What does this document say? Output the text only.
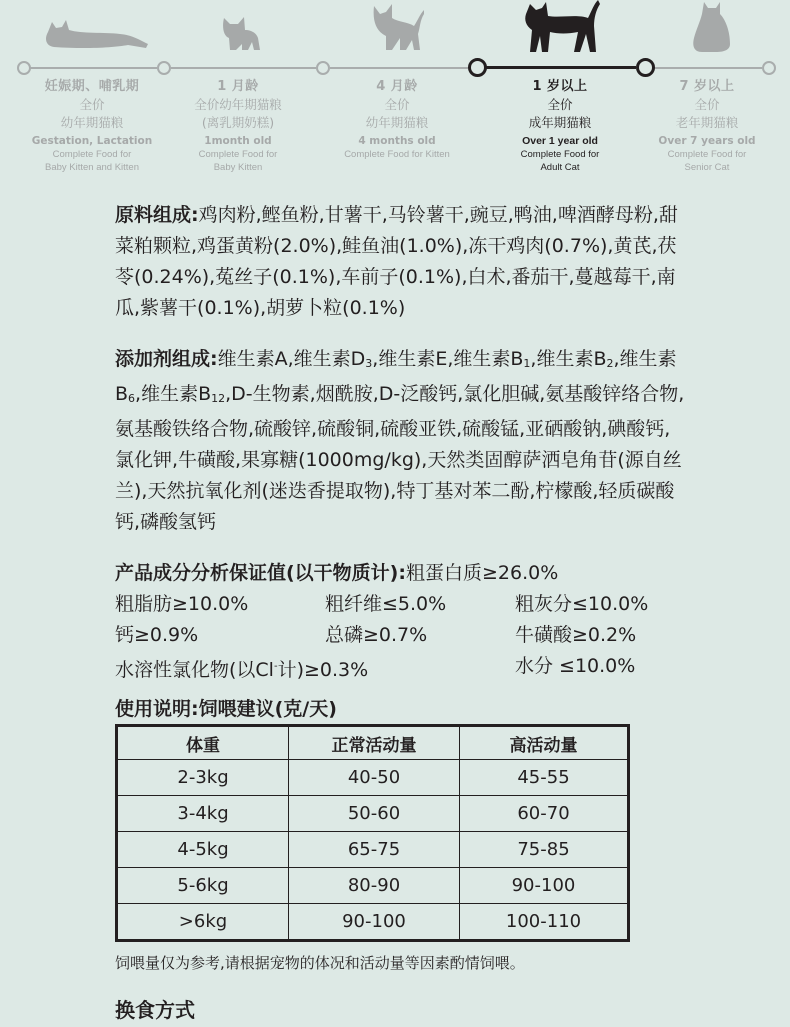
妊娠期、哺乳期
全价
幼年期猫粮
Gestation, Lactation
Complete Food for
Baby Kitten and Kitten
1 月龄
全价幼年期猫粮
(离乳期奶糕)
1month old
Complete Food for
Baby Kitten
4 月龄
全价
幼年期猫粮
4 months old
Complete Food for Kitten
1 岁以上
全价
成年期猫粮
Over 1 year old
Complete Food for
Adult Cat
7 岁以上
全价
老年期猫粮
Over 7 years old
Complete Food for
Senior Cat

原料组成:鸡肉粉,鲣鱼粉,甘薯干,马铃薯干,豌豆,鸭油,啤酒酵母粉,甜菜粕颗粒,鸡蛋黄粉(2.0%),鲑鱼油(1.0%),冻干鸡肉(0.7%),黄芪,茯苓(0.24%),菟丝子(0.1%),车前子(0.1%),白术,番茄干,蔓越莓干,南瓜,紫薯干(0.1%),胡萝卜粒(0.1%)

添加剂组成:维生素A,维生素$D_3$,维生素E,维生素$B_1$,维生素$B_2$,维生素$B_6$,维生素$B_{12},D-$生物素,烟酰胺,D-泛酸钙,氯化胆碱,氨基酸锌络合物,氨基酸铁络合物,硫酸锌,硫酸铜,硫酸亚铁,硫酸锰,亚硒酸钠,碘酸钙,氯化钾,牛磺酸,果寡糖(1000mg/kg),天然类固醇萨洒皂角苷(源自丝兰),天然抗氧化剂(迷迭香提取物),特丁基对苯二酚,柠檬酸,轻质碳酸钙,磷酸氢钙

产品成分分析保证值(以干物质计):粗蛋白质≥26.0%
粗脂肪≥10.0%	粗纤维≤5.0%	粗灰分≤10.0%
钙≥0.9%	总磷≥0.7%	牛磺酸≥0.2%
水溶性氯化物(以Cl-计)≥0.3%	水分 ≤10.0%
使用说明:饲喂建议(克/天)
体重	正常活动量	高活动量
2-3kg	40-50	45-55
3-4kg	50-60	60-70
4-5kg	65-75	75-85
5-6kg	80-90	90-100
>6kg	90-100	100-110
饲喂量仅为参考,请根据宠物的体况和活动量等因素酌情饲喂。
换食方式
